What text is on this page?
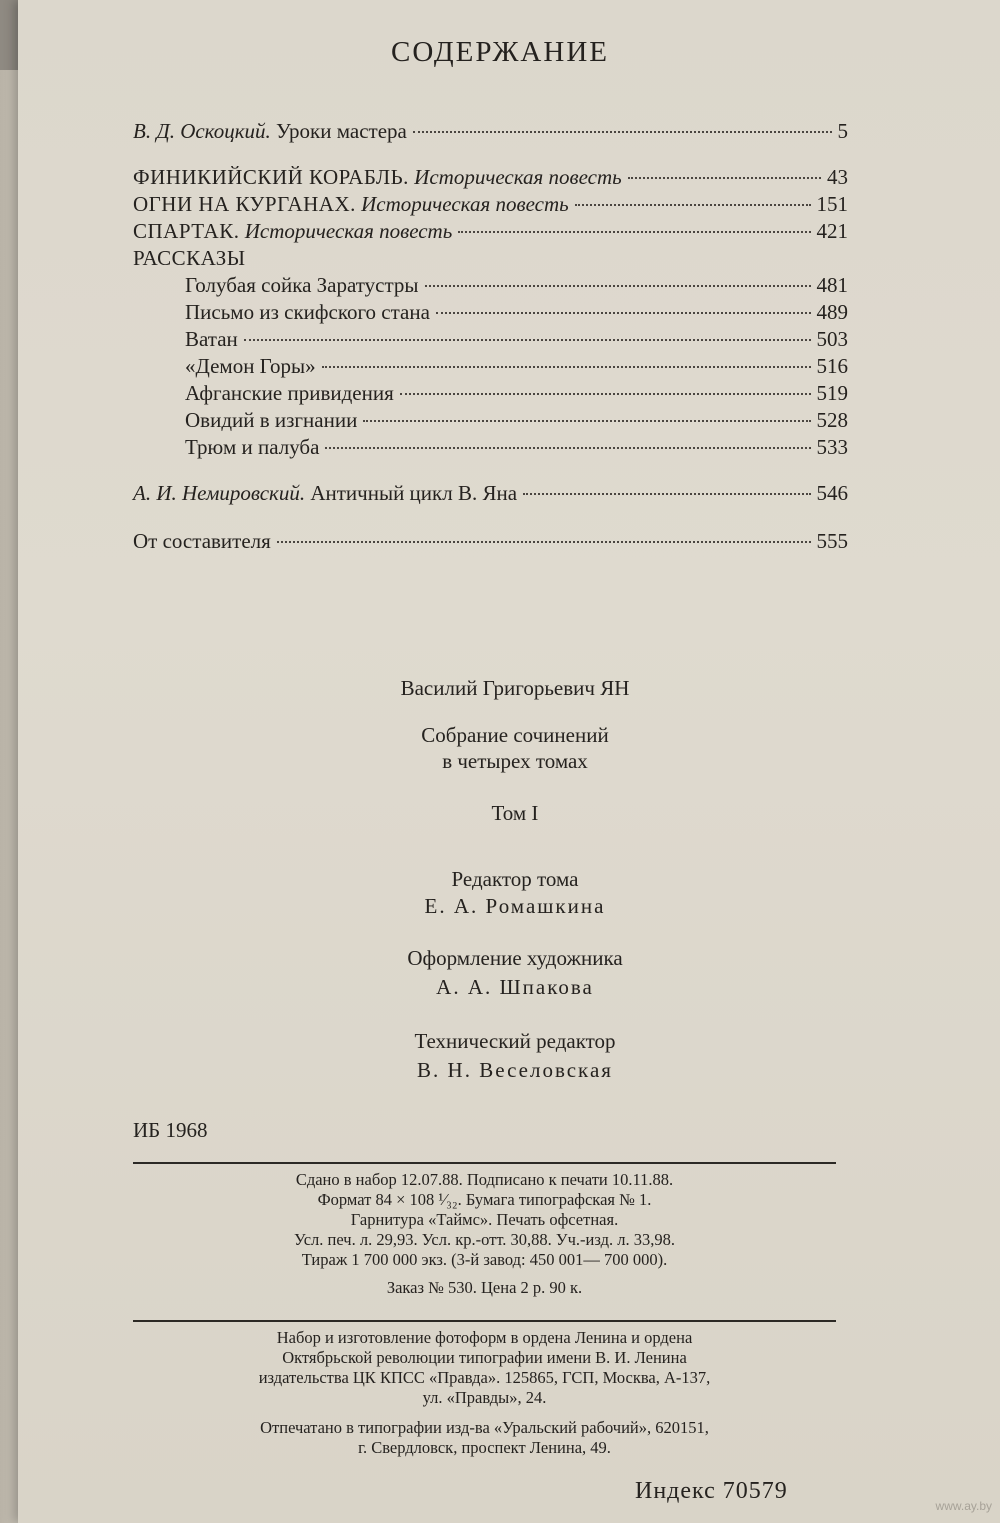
СОДЕРЖАНИЕ
В. Д. Оскоцкий. Уроки мастера	5
ФИНИКИЙСКИЙ КОРАБЛЬ. Историческая повесть	43
ОГНИ НА КУРГАНАХ. Историческая повесть	151
СПАРТАК. Историческая повесть	421
РАССКАЗЫ
Голубая сойка Заратустры	481
Письмо из скифского стана	489
Ватан	503
«Демон Горы»	516
Афганские привидения	519
Овидий в изгнании	528
Трюм и палуба	533
А. И. Немировский. Античный цикл В. Яна	546
От составителя	555
Василий Григорьевич ЯН
Собрание сочинений
в четырех томах
Том I
Редактор тома
Е. А. Ромашкина
Оформление художника
А. А. Шпакова
Технический редактор
В. Н. Веселовская
ИБ 1968
Сдано в набор 12.07.88. Подписано к печати 10.11.88.
Формат 84 × 108 ¹⁄₃₂. Бумага типографская № 1.
Гарнитура «Таймс». Печать офсетная.
Усл. печ. л. 29,93. Усл. кр.-отт. 30,88. Уч.-изд. л. 33,98.
Тираж 1 700 000 экз. (3-й завод: 450 001— 700 000).
Заказ № 530. Цена 2 р. 90 к.
Набор и изготовление фотоформ в ордена Ленина и ордена
Октябрьской революции типографии имени В. И. Ленина
издательства ЦК КПСС «Правда». 125865, ГСП, Москва, А-137,
ул. «Правды», 24.
Отпечатано в типографии изд-ва «Уральский рабочий», 620151,
г. Свердловск, проспект Ленина, 49.
Индекс 70579
www.ay.by
